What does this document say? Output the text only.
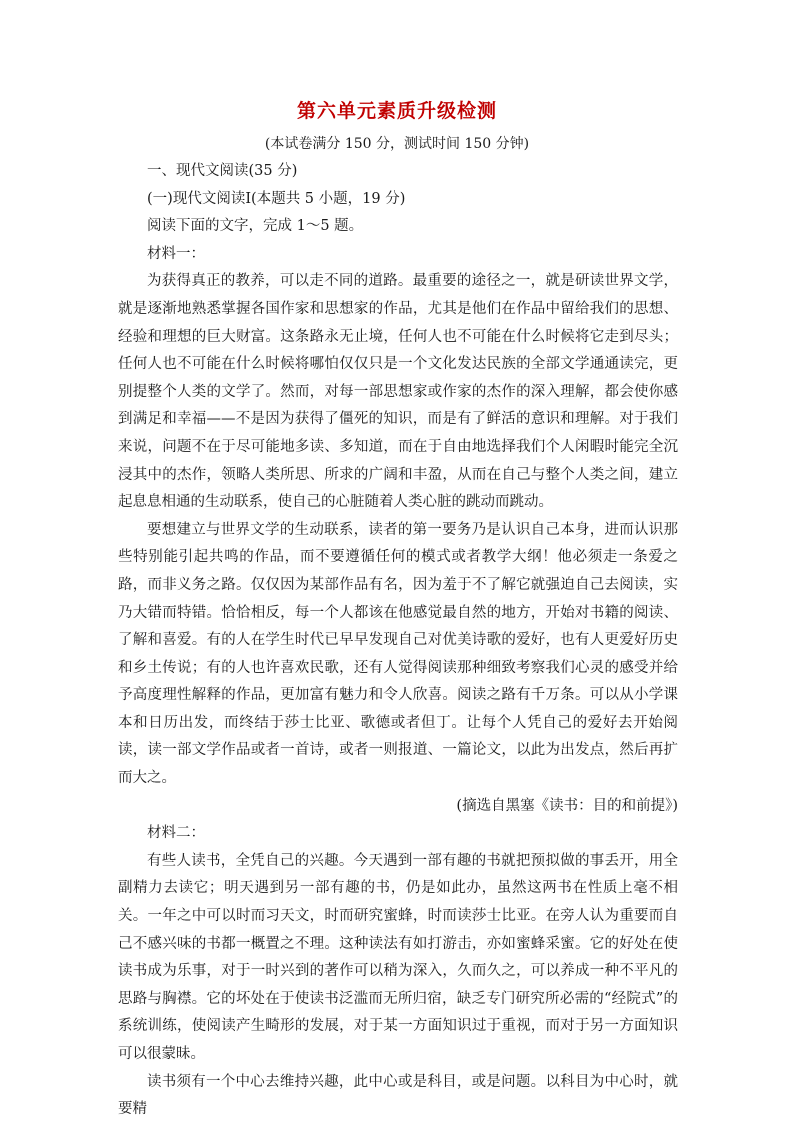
第六单元素质升级检测
(本试卷满分 150 分，测试时间 150 分钟)

一、现代文阅读(35 分)

(一)现代文阅读Ⅰ(本题共 5 小题，19 分)

阅读下面的文字，完成 1～5 题。

材料一：

为获得真正的教养，可以走不同的道路。最重要的途径之一，就是研读世界文学，就是逐渐地熟悉掌握各国作家和思想家的作品，尤其是他们在作品中留给我们的思想、经验和理想的巨大财富。这条路永无止境，任何人也不可能在什么时候将它走到尽头；任何人也不可能在什么时候将哪怕仅仅只是一个文化发达民族的全部文学通通读完，更别提整个人类的文学了。然而，对每一部思想家或作家的杰作的深入理解，都会使你感到满足和幸福——不是因为获得了僵死的知识，而是有了鲜活的意识和理解。对于我们来说，问题不在于尽可能地多读、多知道，而在于自由地选择我们个人闲暇时能完全沉浸其中的杰作，领略人类所思、所求的广阔和丰盈，从而在自己与整个人类之间，建立起息息相通的生动联系，使自己的心脏随着人类心脏的跳动而跳动。

要想建立与世界文学的生动联系，读者的第一要务乃是认识自己本身，进而认识那些特别能引起共鸣的作品，而不要遵循任何的模式或者教学大纲！他必须走一条爱之路，而非义务之路。仅仅因为某部作品有名，因为羞于不了解它就强迫自己去阅读，实乃大错而特错。恰恰相反，每一个人都该在他感觉最自然的地方，开始对书籍的阅读、了解和喜爱。有的人在学生时代已早早发现自己对优美诗歌的爱好，也有人更爱好历史和乡土传说；有的人也许喜欢民歌，还有人觉得阅读那种细致考察我们心灵的感受并给予高度理性解释的作品，更加富有魅力和令人欣喜。阅读之路有千万条。可以从小学课本和日历出发，而终结于莎士比亚、歌德或者但丁。让每个人凭自己的爱好去开始阅读，读一部文学作品或者一首诗，或者一则报道、一篇论文，以此为出发点，然后再扩而大之。

(摘选自黑塞《读书：目的和前提》)

材料二：

有些人读书，全凭自己的兴趣。今天遇到一部有趣的书就把预拟做的事丢开，用全副精力去读它；明天遇到另一部有趣的书，仍是如此办，虽然这两书在性质上毫不相关。一年之中可以时而习天文，时而研究蜜蜂，时而读莎士比亚。在旁人认为重要而自己不感兴味的书都一概置之不理。这种读法有如打游击，亦如蜜蜂采蜜。它的好处在使读书成为乐事，对于一时兴到的著作可以稍为深入，久而久之，可以养成一种不平凡的思路与胸襟。它的坏处在于使读书泛滥而无所归宿，缺乏专门研究所必需的“经院式”的系统训练，使阅读产生畸形的发展，对于某一方面知识过于重视，而对于另一方面知识可以很蒙昧。

读书须有一个中心去维持兴趣，此中心或是科目，或是问题。以科目为中心时，就要精
